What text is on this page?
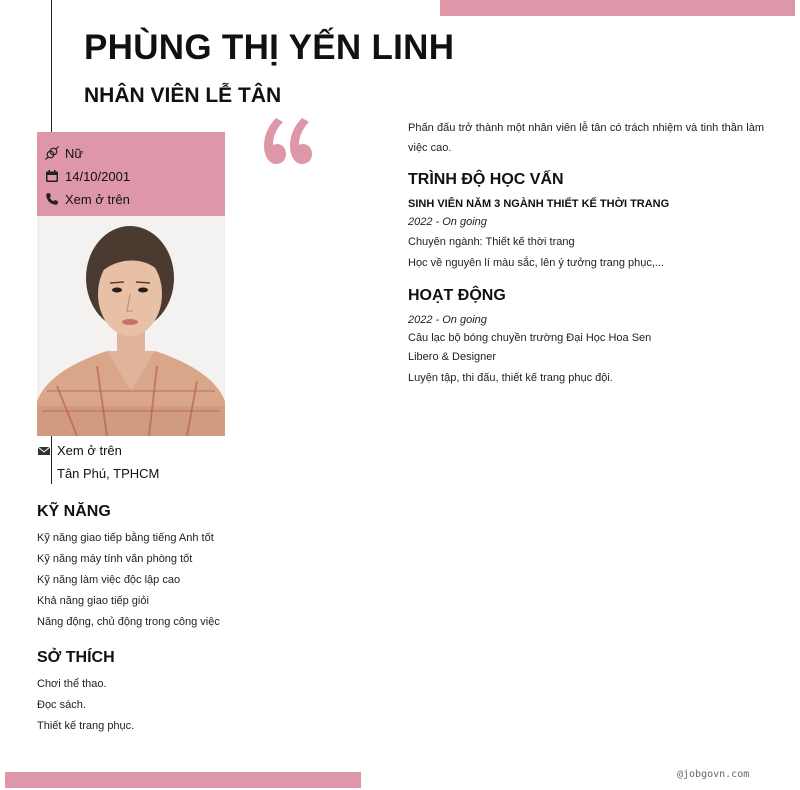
PHÙNG THỊ YẾN LINH
NHÂN VIÊN LỄ TÂN
Nữ
14/10/2001
Xem ở trên
Xem ở trên
Tân Phú, TPHCM
KỸ NĂNG
Kỹ năng giao tiếp bằng tiếng Anh tốt
Kỹ năng máy tính văn phòng tốt
Kỹ năng làm việc độc lập cao
Khả năng giao tiếp giỏi
Năng động, chủ động trong công việc
SỞ THÍCH
Chơi thể thao.
Đọc sách.
Thiết kế trang phục.
Phấn đấu trở thành một nhân viên lễ tân có trách nhiệm và tinh thần làm việc cao.
TRÌNH ĐỘ HỌC VẤN
SINH VIÊN NĂM 3 NGÀNH THIẾT KẾ THỜI TRANG
2022 - On going
Chuyên ngành: Thiết kế thời trang
Học về nguyên lí màu sắc, lên ý tưởng trang phục,...
HOẠT ĐỘNG
2022 - On going
Câu lạc bộ bóng chuyền trường Đại Học Hoa Sen
Libero & Designer
Luyện tập, thi đấu, thiết kế trang phục đội.
@jobgovn.com
